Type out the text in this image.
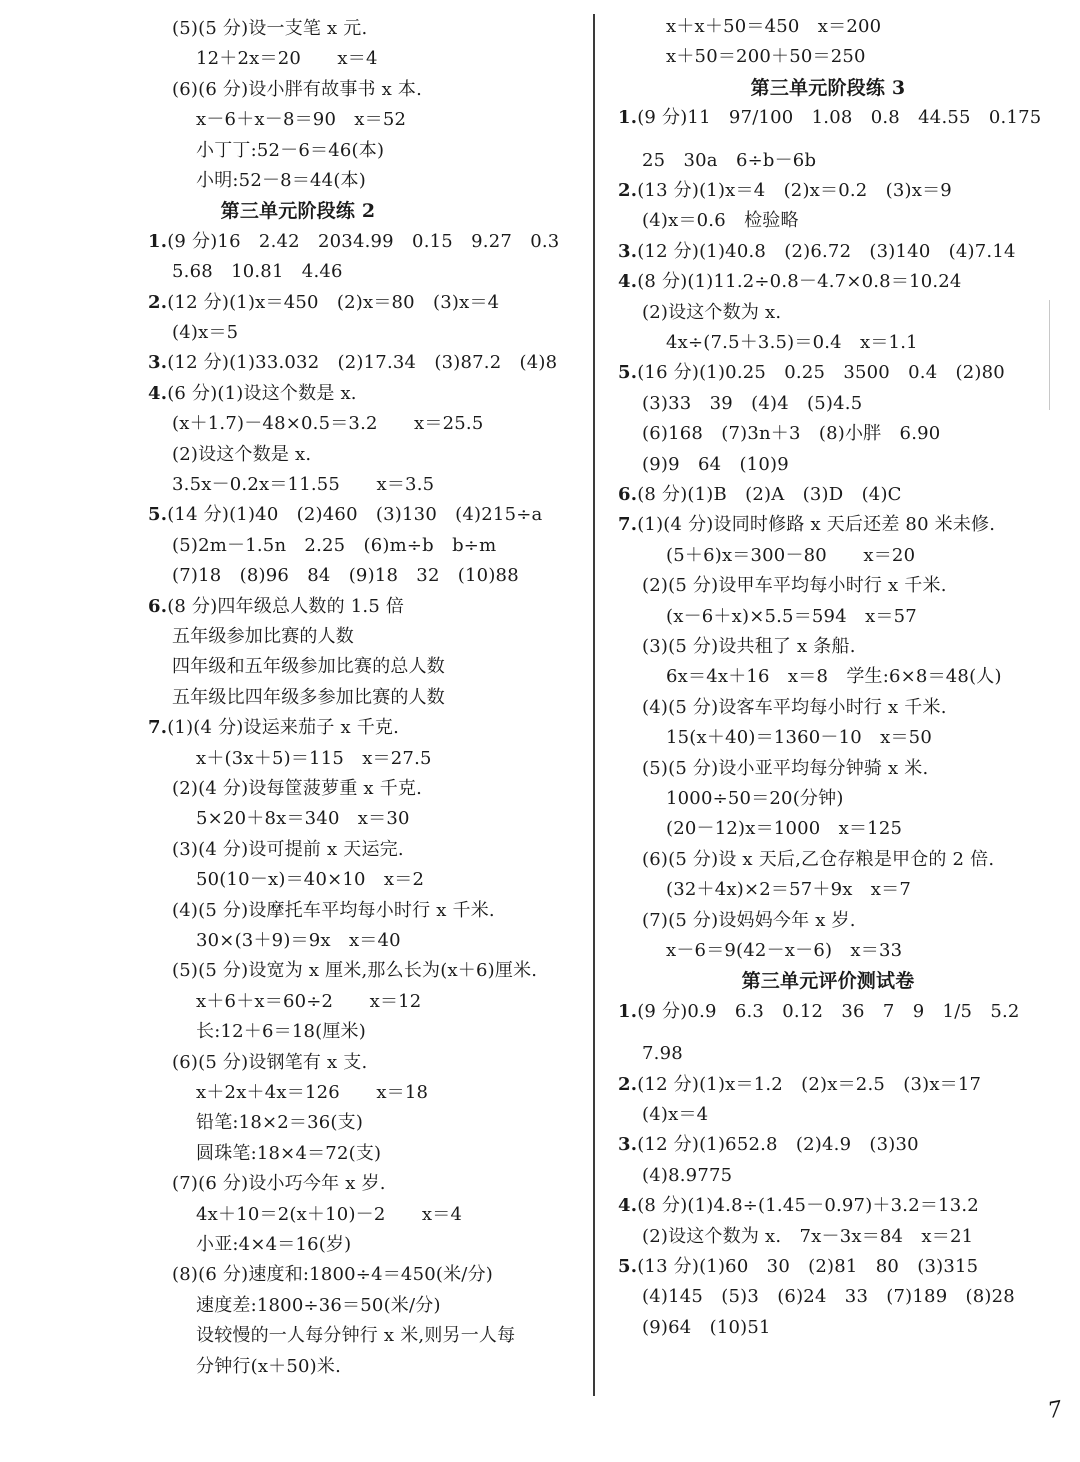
(5)(5 分)设一支笔 x 元.
12＋2x＝20　　x＝4
(6)(6 分)设小胖有故事书 x 本.
x－6＋x－8＝90　x＝52
小丁丁:52－6＝46(本)
小明:52－8＝44(本)
第三单元阶段练 2
1.(9 分)16　2.42　2034.99　0.15　9.27　0.3
5.68　10.81　4.46
2.(12 分)(1)x＝450　(2)x＝80　(3)x＝4
(4)x＝5
3.(12 分)(1)33.032　(2)17.34　(3)87.2　(4)8
4.(6 分)(1)设这个数是 x.
(x＋1.7)－48×0.5＝3.2　　x＝25.5
(2)设这个数是 x.
3.5x－0.2x＝11.55　　x＝3.5
5.(14 分)(1)40　(2)460　(3)130　(4)215÷a
(5)2m－1.5n　2.25　(6)m÷b　b÷m
(7)18　(8)96　84　(9)18　32　(10)88
6.(8 分)四年级总人数的 1.5 倍
五年级参加比赛的人数
四年级和五年级参加比赛的总人数
五年级比四年级多参加比赛的人数
7.(1)(4 分)设运来茄子 x 千克.
x＋(3x＋5)＝115　x＝27.5
(2)(4 分)设每筐菠萝重 x 千克.
5×20＋8x＝340　x＝30
(3)(4 分)设可提前 x 天运完.
50(10－x)＝40×10　x＝2
(4)(5 分)设摩托车平均每小时行 x 千米.
30×(3＋9)＝9x　x＝40
(5)(5 分)设宽为 x 厘米,那么长为(x＋6)厘米.
x＋6＋x＝60÷2　　x＝12
长:12＋6＝18(厘米)
(6)(5 分)设钢笔有 x 支.
x＋2x＋4x＝126　　x＝18
铅笔:18×2＝36(支)
圆珠笔:18×4＝72(支)
(7)(6 分)设小巧今年 x 岁.
4x＋10＝2(x＋10)－2　　x＝4
小亚:4×4＝16(岁)
(8)(6 分)速度和:1800÷4＝450(米/分)
速度差:1800÷36＝50(米/分)
设较慢的一人每分钟行 x 米,则另一人每
分钟行(x＋50)米.
x＋x＋50＝450　x＝200
x＋50＝200＋50＝250
第三单元阶段练 3
1.(9 分)11　97/100　1.08　0.8　44.55　0.175
25　30a　6÷b－6b
2.(13 分)(1)x＝4　(2)x＝0.2　(3)x＝9
(4)x＝0.6　检验略
3.(12 分)(1)40.8　(2)6.72　(3)140　(4)7.14
4.(8 分)(1)11.2÷0.8－4.7×0.8＝10.24
(2)设这个数为 x.
4x÷(7.5＋3.5)＝0.4　x＝1.1
5.(16 分)(1)0.25　0.25　3500　0.4　(2)80
(3)33　39　(4)4　(5)4.5
(6)168　(7)3n＋3　(8)小胖　6.90
(9)9　64　(10)9
6.(8 分)(1)B　(2)A　(3)D　(4)C
7.(1)(4 分)设同时修路 x 天后还差 80 米未修.
(5＋6)x＝300－80　　x＝20
(2)(5 分)设甲车平均每小时行 x 千米.
(x－6＋x)×5.5＝594　x＝57
(3)(5 分)设共租了 x 条船.
6x＝4x＋16　x＝8　学生:6×8＝48(人)
(4)(5 分)设客车平均每小时行 x 千米.
15(x＋40)＝1360－10　x＝50
(5)(5 分)设小亚平均每分钟骑 x 米.
1000÷50＝20(分钟)
(20－12)x＝1000　x＝125
(6)(5 分)设 x 天后,乙仓存粮是甲仓的 2 倍.
(32＋4x)×2＝57＋9x　x＝7
(7)(5 分)设妈妈今年 x 岁.
x－6＝9(42－x－6)　x＝33
第三单元评价测试卷
1.(9 分)0.9　6.3　0.12　36　7　9　1/5　5.2
7.98
2.(12 分)(1)x＝1.2　(2)x＝2.5　(3)x＝17
(4)x＝4
3.(12 分)(1)652.8　(2)4.9　(3)30
(4)8.9775
4.(8 分)(1)4.8÷(1.45－0.97)＋3.2＝13.2
(2)设这个数为 x.　7x－3x＝84　x＝21
5.(13 分)(1)60　30　(2)81　80　(3)315
(4)145　(5)3　(6)24　33　(7)189　(8)28
(9)64　(10)51
7
